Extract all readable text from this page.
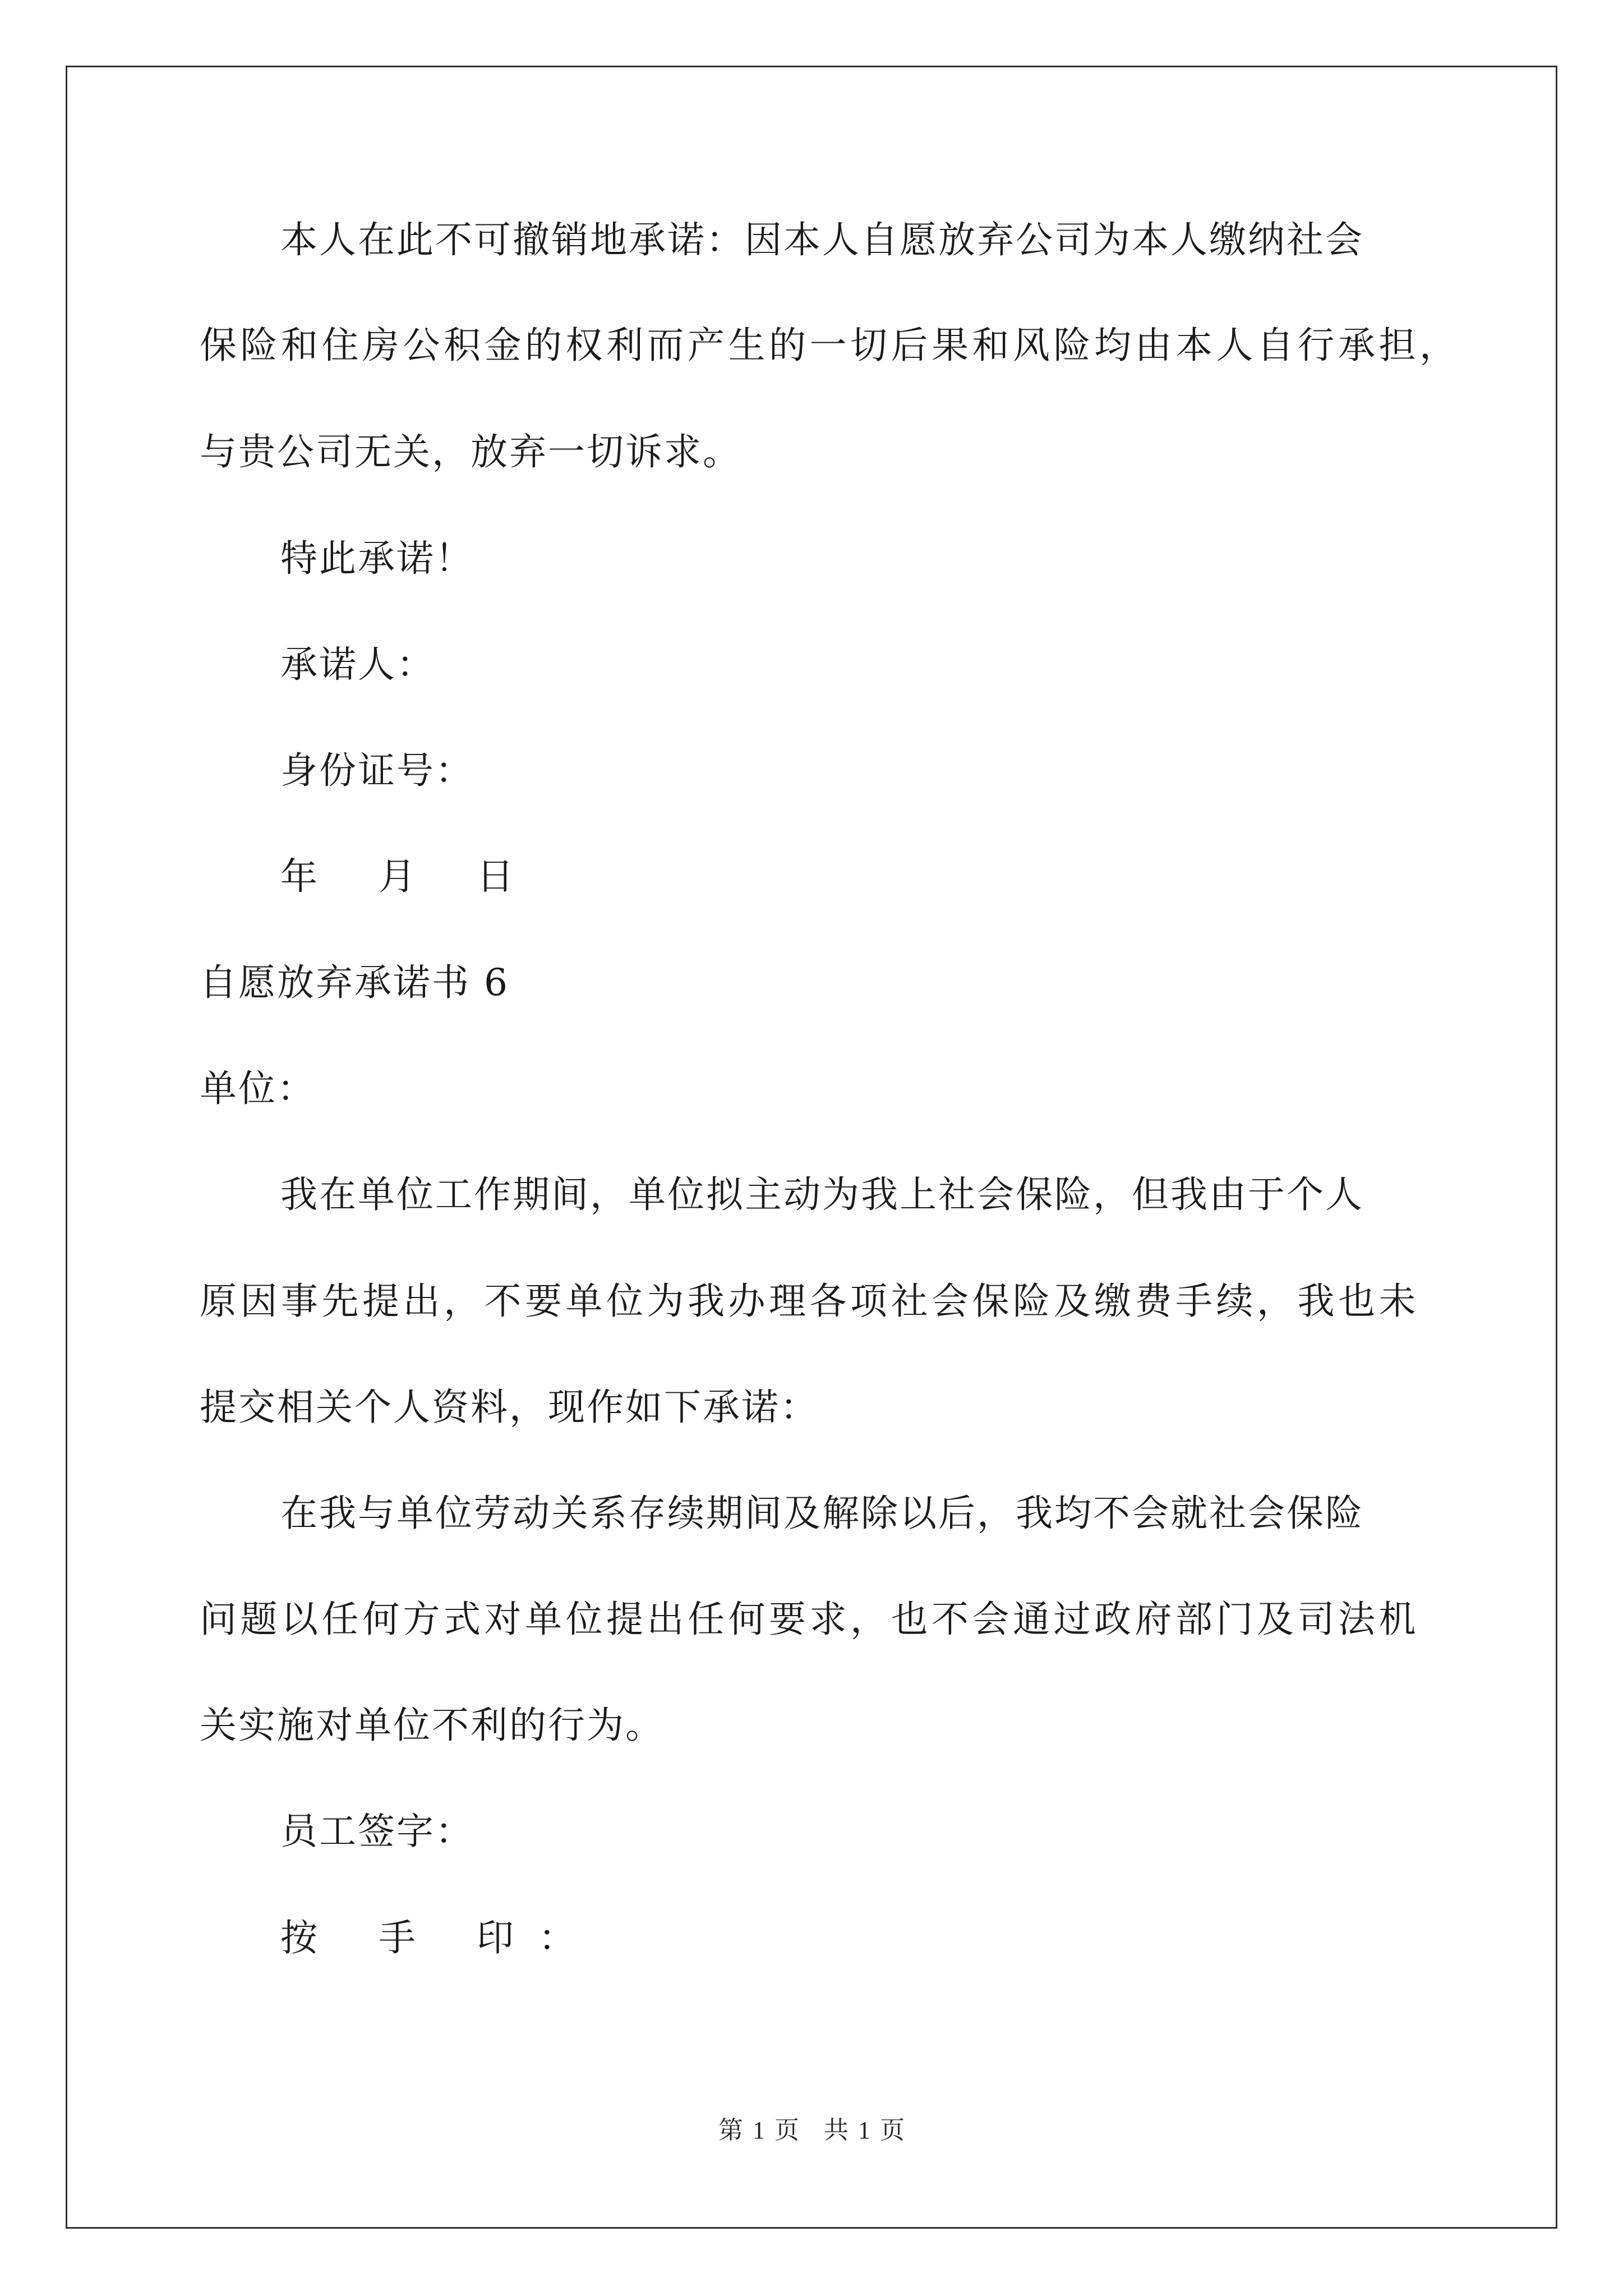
本人在此不可撤销地承诺：因本人自愿放弃公司为本人缴纳社会
保险和住房公积金的权利而产生的一切后果和风险均由本人自行承担，
与贵公司无关，放弃一切诉求。
特此承诺！
承诺人：
身份证号：
年 月 日
自愿放弃承诺书 6
单位：
我在单位工作期间，单位拟主动为我上社会保险，但我由于个人
原因事先提出，不要单位为我办理各项社会保险及缴费手续，我也未
提交相关个人资料，现作如下承诺：
在我与单位劳动关系存续期间及解除以后，我均不会就社会保险
问题以任何方式对单位提出任何要求，也不会通过政府部门及司法机
关实施对单位不利的行为。
员工签字：
按 手 印：
第 1 页　共 1 页
